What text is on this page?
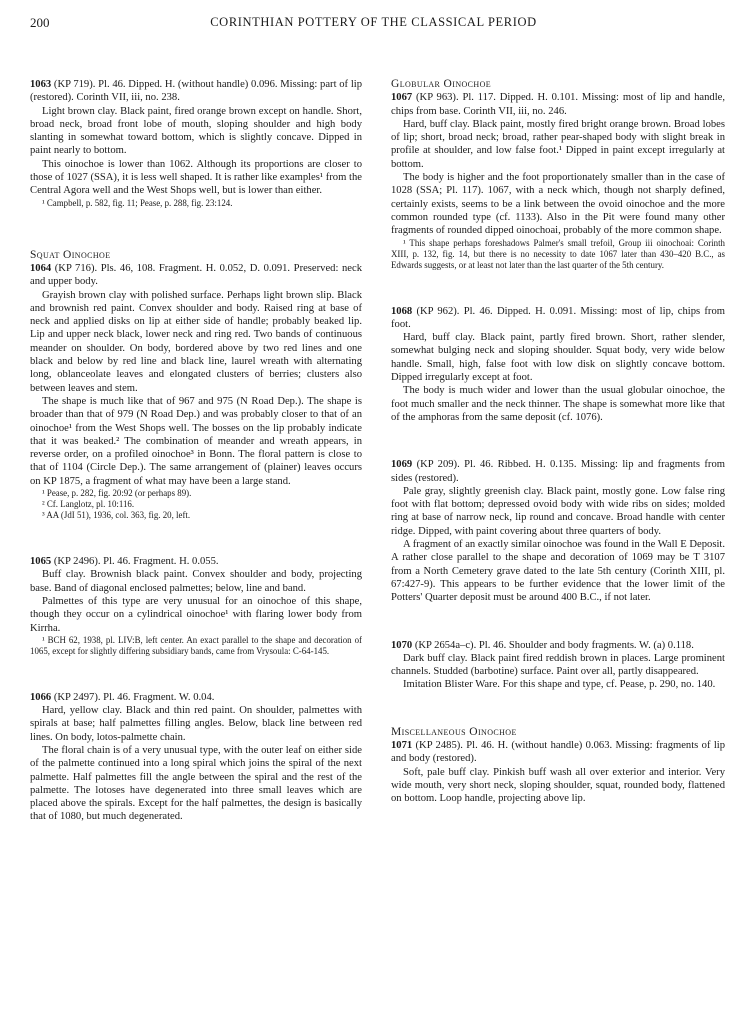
200	CORINTHIAN POTTERY OF THE CLASSICAL PERIOD

1063 (KP 719). Pl. 46. Dipped. H. (without handle) 0.096. Missing: part of lip (restored). Corinth VII, iii, no. 238.

Light brown clay. Black paint, fired orange brown except on handle. Short, broad neck, broad front lobe of mouth, sloping shoulder and high body slanting in somewhat toward bottom, which is slightly concave. Dipped in paint nearly to bottom.

This oinochoe is lower than 1062. Although its proportions are closer to those of 1027 (SSA), it is less well shaped. It is rather like examples¹ from the Central Agora well and the West Shops well, but is lower than either.

¹ Campbell, p. 582, fig. 11; Pease, p. 288, fig. 23:124.

Squat Oinochoe

1064 (KP 716). Pls. 46, 108. Fragment. H. 0.052, D. 0.091. Preserved: neck and upper body.

Grayish brown clay with polished surface. Perhaps light brown slip. Black and brownish red paint. Convex shoulder and body. Raised ring at base of neck and applied disks on lip at either side of handle; probably beaked lip. Lip and upper neck black, lower neck and ring red. Two bands of continuous meander on shoulder. On body, bordered above by two red lines and one black and below by red line and black line, laurel wreath with alternating long, oblanceolate leaves and elongated clusters of berries; clusters also between leaves and stem.

The shape is much like that of 967 and 975 (N Road Dep.). The shape is broader than that of 979 (N Road Dep.) and was probably closer to that of an oinochoe¹ from the West Shops well. The bosses on the lip probably indicate that it was beaked.² The combination of meander and wreath appears, in reverse order, on a profiled oinochoe³ in Bonn. The floral pattern is close to that of 1104 (Circle Dep.). The same arrangement of (plainer) leaves occurs on KP 1875, a fragment of what may have been a large stand.

¹ Pease, p. 282, fig. 20:92 (or perhaps 89).

² Cf. Langlotz, pl. 10:116.

³ AA (JdI 51), 1936, col. 363, fig. 20, left.

1065 (KP 2496). Pl. 46. Fragment. H. 0.055.

Buff clay. Brownish black paint. Convex shoulder and body, projecting base. Band of diagonal enclosed palmettes; below, line and band.

Palmettes of this type are very unusual for an oinochoe of this shape, though they occur on a cylindrical oinochoe¹ with flaring lower body from Kirrha.

¹ BCH 62, 1938, pl. LIV:B, left center. An exact parallel to the shape and decoration of 1065, except for slightly differing subsidiary bands, came from Vrysoula: C-64-145.

1066 (KP 2497). Pl. 46. Fragment. W. 0.04.

Hard, yellow clay. Black and thin red paint. On shoulder, palmettes with spirals at base; half palmettes filling angles. Below, black line between red lines. On body, lotos-palmette chain.

The floral chain is of a very unusual type, with the outer leaf on either side of the palmette continued into a long spiral which joins the spiral of the next palmette. Half palmettes fill the angle between the spiral and the rest of the palmette. The lotoses have degenerated into three small leaves which are placed above the spirals. Except for the half palmettes, the design is basically that of 1080, but much degenerated.

Globular Oinochoe

1067 (KP 963). Pl. 117. Dipped. H. 0.101. Missing: most of lip and handle, chips from base. Corinth VII, iii, no. 246.

Hard, buff clay. Black paint, mostly fired bright orange brown. Broad lobes of lip; short, broad neck; broad, rather pear-shaped body with slight break in profile at shoulder, and low false foot.¹ Dipped in paint except irregularly at bottom.

The body is higher and the foot proportionately smaller than in the case of 1028 (SSA; Pl. 117). 1067, with a neck which, though not sharply defined, certainly exists, seems to be a link between the ovoid oinochoe and the more common rounded type (cf. 1133). Also in the Pit were found many other fragments of rounded dipped oinochoai, probably of the more common shape.

¹ This shape perhaps foreshadows Palmer's small trefoil, Group iii oinochoai: Corinth XIII, p. 132, fig. 14, but there is no necessity to date 1067 later than 430–420 B.C., as Edwards suggests, or at least not later than the last quarter of the 5th century.

1068 (KP 962). Pl. 46. Dipped. H. 0.091. Missing: most of lip, chips from foot.

Hard, buff clay. Black paint, partly fired brown. Short, rather slender, somewhat bulging neck and sloping shoulder. Squat body, very wide below handle. Small, high, false foot with low disk on slightly concave bottom. Dipped irregularly except at foot.

The body is much wider and lower than the usual globular oinochoe, the foot much smaller and the neck thinner. The shape is somewhat more like that of the amphoras from the same deposit (cf. 1076).

1069 (KP 209). Pl. 46. Ribbed. H. 0.135. Missing: lip and fragments from sides (restored).

Pale gray, slightly greenish clay. Black paint, mostly gone. Low false ring foot with flat bottom; depressed ovoid body with wide ribs on sides; molded ring at base of narrow neck, lip round and concave. Broad handle with center ridge. Dipped, with paint covering about three quarters of body.

A fragment of an exactly similar oinochoe was found in the Wall E Deposit. A rather close parallel to the shape and decoration of 1069 may be T 3107 from a North Cemetery grave dated to the late 5th century (Corinth XIII, pl. 67:427-9). This appears to be further evidence that the lower limit of the Potters' Quarter deposit must be around 400 B.C., if not later.

1070 (KP 2654a–c). Pl. 46. Shoulder and body fragments. W. (a) 0.118.

Dark buff clay. Black paint fired reddish brown in places. Large prominent channels. Studded (barbotine) surface. Paint over all, partly disappeared.

Imitation Blister Ware. For this shape and type, cf. Pease, p. 290, no. 140.

Miscellaneous Oinochoe

1071 (KP 2485). Pl. 46. H. (without handle) 0.063. Missing: fragments of lip and body (restored).

Soft, pale buff clay. Pinkish buff wash all over exterior and interior. Very wide mouth, very short neck, sloping shoulder, squat, rounded body, flattened on bottom. Loop handle, projecting above lip.
